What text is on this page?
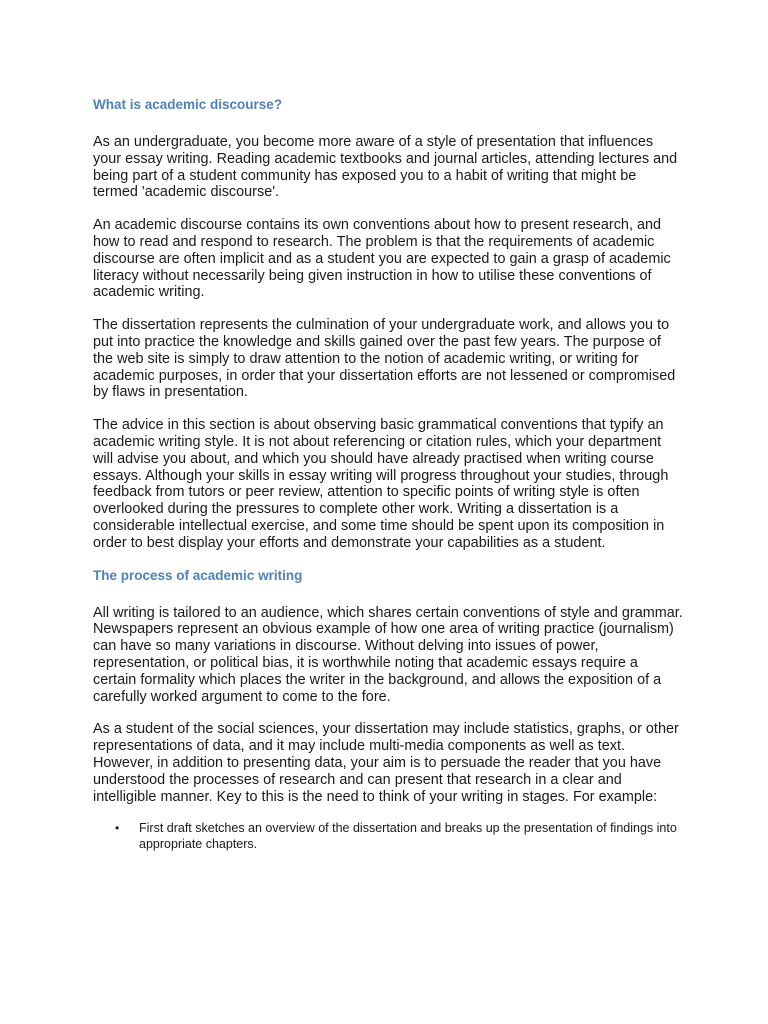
What is academic discourse?

As an undergraduate, you become more aware of a style of presentation that influences your essay writing. Reading academic textbooks and journal articles, attending lectures and being part of a student community has exposed you to a habit of writing that might be termed 'academic discourse'.

An academic discourse contains its own conventions about how to present research, and how to read and respond to research. The problem is that the requirements of academic discourse are often implicit and as a student you are expected to gain a grasp of academic literacy without necessarily being given instruction in how to utilise these conventions of academic writing.

The dissertation represents the culmination of your undergraduate work, and allows you to put into practice the knowledge and skills gained over the past few years. The purpose of the web site is simply to draw attention to the notion of academic writing, or writing for academic purposes, in order that your dissertation efforts are not lessened or compromised by flaws in presentation.

The advice in this section is about observing basic grammatical conventions that typify an academic writing style. It is not about referencing or citation rules, which your department will advise you about, and which you should have already practised when writing course essays. Although your skills in essay writing will progress throughout your studies, through feedback from tutors or peer review, attention to specific points of writing style is often overlooked during the pressures to complete other work. Writing a dissertation is a considerable intellectual exercise, and some time should be spent upon its composition in order to best display your efforts and demonstrate your capabilities as a student.

The process of academic writing

All writing is tailored to an audience, which shares certain conventions of style and grammar. Newspapers represent an obvious example of how one area of writing practice (journalism) can have so many variations in discourse. Without delving into issues of power, representation, or political bias, it is worthwhile noting that academic essays require a certain formality which places the writer in the background, and allows the exposition of a carefully worked argument to come to the fore.

As a student of the social sciences, your dissertation may include statistics, graphs, or other representations of data, and it may include multi-media components as well as text. However, in addition to presenting data, your aim is to persuade the reader that you have understood the processes of research and can present that research in a clear and intelligible manner. Key to this is the need to think of your writing in stages. For example:

• First draft sketches an overview of the dissertation and breaks up the presentation of findings into appropriate chapters.
